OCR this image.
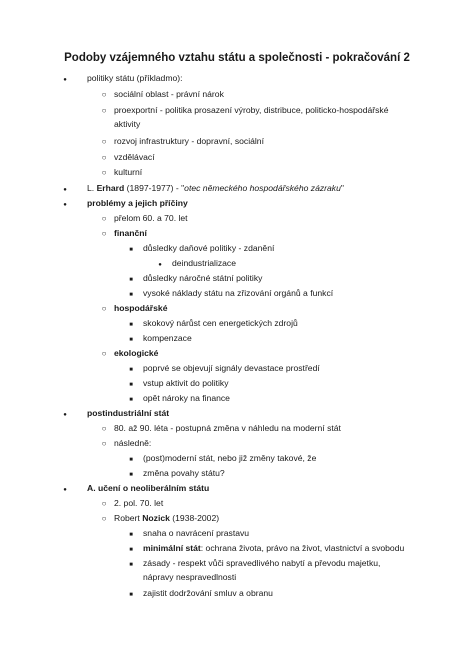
Podoby vzájemného vztahu státu a společnosti - pokračování 2
●
politiky státu (příkladmo):
○
sociální oblast - právní nárok
○
proexportní - politika prosazení výroby, distribuce, politicko-hospodářské
aktivity
○
rozvoj infrastruktury - dopravní, sociální
○
vzdělávací
○
kulturní
●
L. Erhard (1897-1977) - "otec německého hospodářského zázraku"
●
problémy a jejich příčiny
○
přelom 60. a 70. let
○
finanční
■
důsledky daňové politiky - zdanění
●
deindustrializace
■
důsledky náročné státní politiky
■
vysoké náklady státu na zřizování orgánů a funkcí
○
hospodářské
■
skokový nárůst cen energetických zdrojů
■
kompenzace
○
ekologické
■
poprvé se objevují signály devastace prostředí
■
vstup aktivit do politiky
■
opět nároky na finance
●
postindustriální stát
○
80. až 90. léta - postupná změna v náhledu na moderní stát
○
následně:
■
(post)moderní stát, nebo již změny takové, že
■
změna povahy státu?
●
A. učení o neoliberálním státu
○
2. pol. 70. let
○
Robert Nozick (1938-2002)
■
snaha o navrácení prastavu
■
minimální stát: ochrana života, právo na život, vlastnictví a svobodu
■
zásady - respekt vůči spravedlivého nabytí a převodu majetku,
nápravy nespravedlnosti
■
zajistit dodržování smluv a obranu
